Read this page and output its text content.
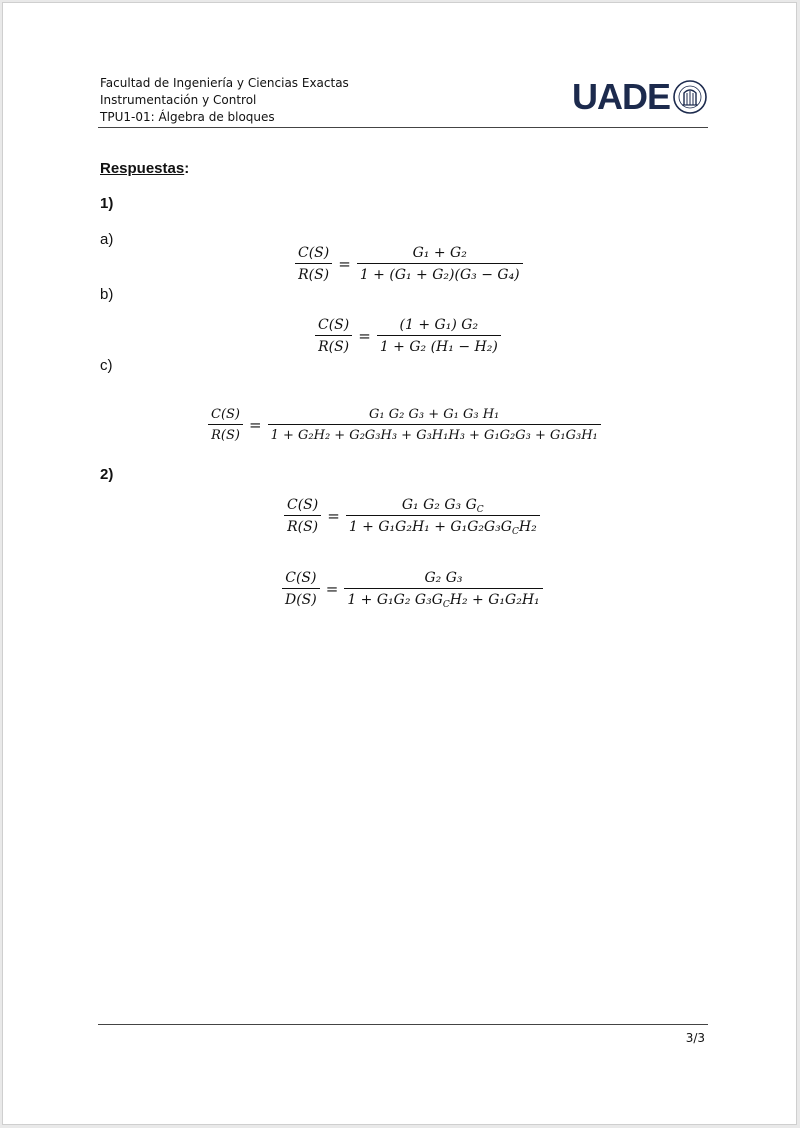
Facultad de Ingeniería y Ciencias Exactas
Instrumentación y Control
TPU1-01: Álgebra de bloques	UADE
Respuestas:
1)
a)
b)
c)
2)
$\frac{C(S)}{R(S)} = \frac{\text{G₁ + G₂}}{\text{1 + (G₁ + G₂)(G₃ − G₄)}}$
$\frac{C(S)}{R(S)} = \frac{\text{(1 + G₁) G₂}}{\text{1 + G₂ (H₁ − H₂)}}$
$\frac{C(S)}{R(S)} = \frac{\text{G₁ G₂ G₃ + G₁ G₃ H₁}}{\text{1 + G₂H₂ + G₂G₃H₃ + G₃H₁H₃ + G₁G₂G₃ + G₁G₃H₁}}$
$\frac{C(S)}{R(S)} = \frac{G_1 G_2 G_3 G_C}{1 + G_1G_2H_1 + G_1G_2G_3G_CH_2}$
$\frac{C(S)}{D(S)} = \frac{\text{G₂ G₃}}{1 + G_1G_2 G_3G_CH_2 + G_1G_2H_1}$
3/3
